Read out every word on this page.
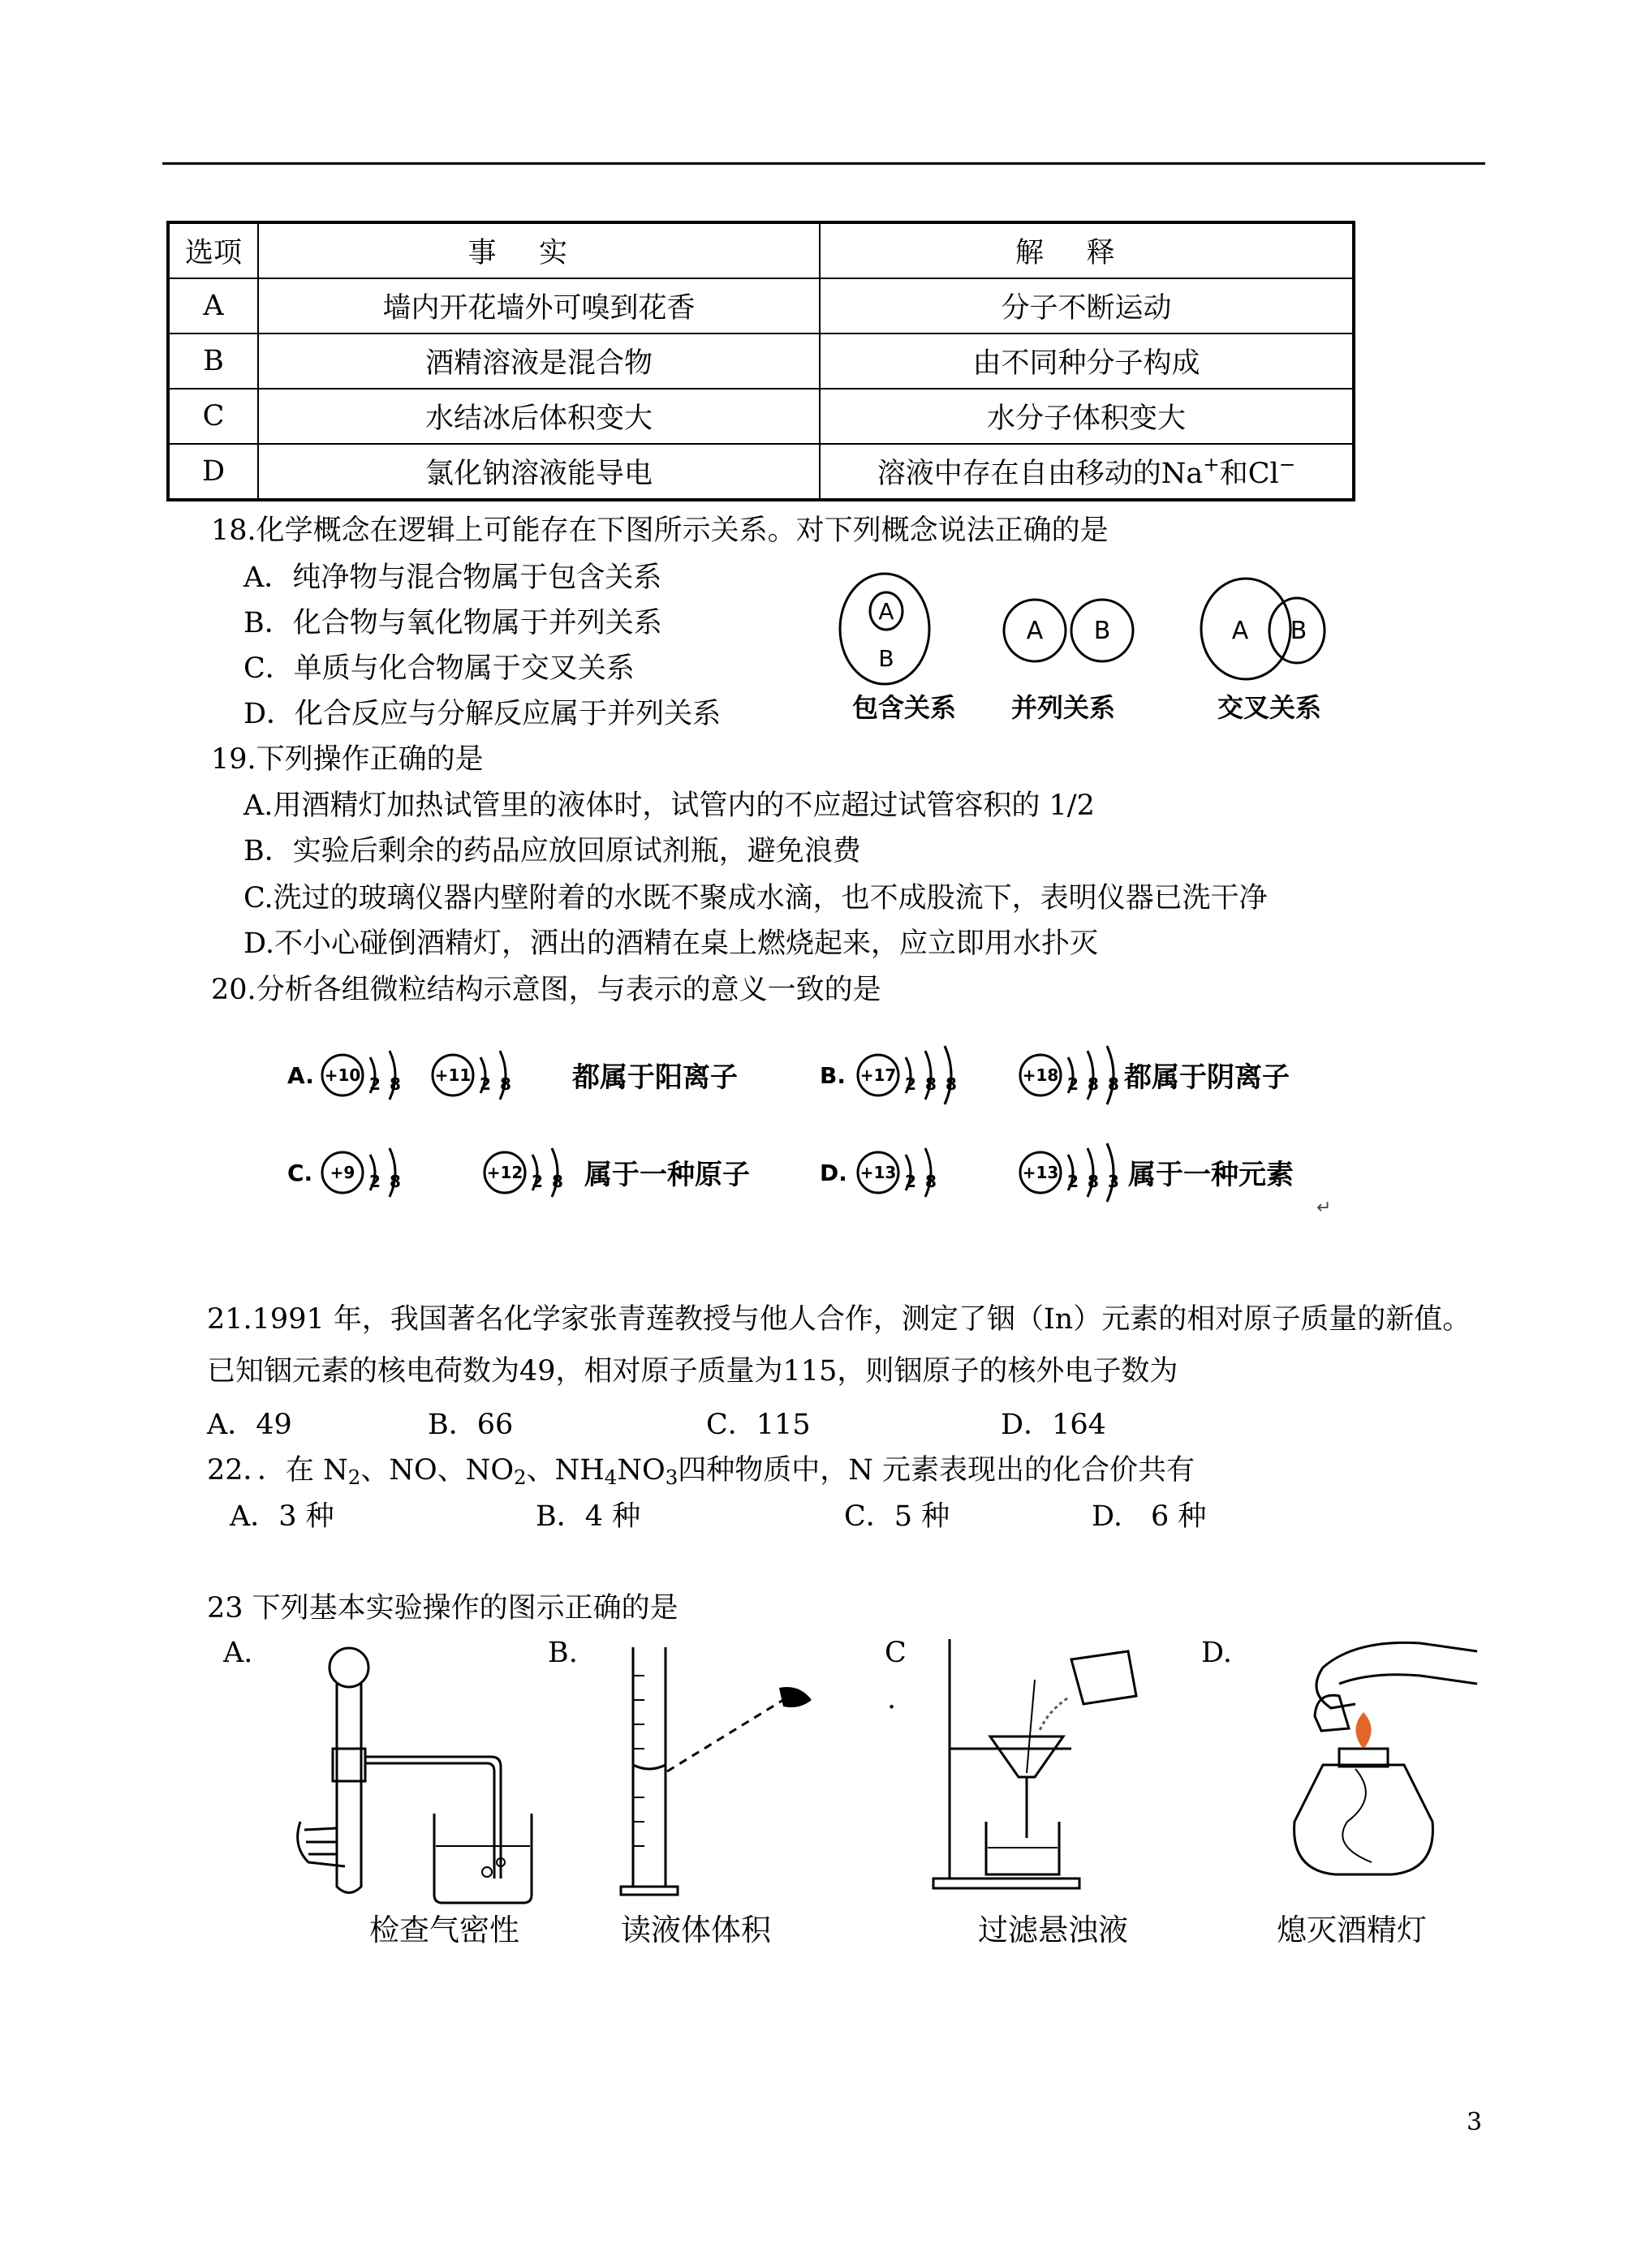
选项	事实	解释
A	墙内开花墙外可嗅到花香	分子不断运动
B	酒精溶液是混合物	由不同种分子构成
C	水结冰后体积变大	水分子体积变大
D	氯化钠溶液能导电	溶液中存在自由移动的Na+和Cl−
18.化学概念在逻辑上可能存在下图所示关系。对下列概念说法正确的是
A．纯净物与混合物属于包含关系
B．化合物与氧化物属于并列关系
C．单质与化合物属于交叉关系
D．化合反应与分解反应属于并列关系
A
B
包含关系
A B
并列关系
A B
交叉关系
19.下列操作正确的是
A.用酒精灯加热试管里的液体时，试管内的不应超过试管容积的 1/2
B．实验后剩余的药品应放回原试剂瓶，避免浪费
C.洗过的玻璃仪器内壁附着的水既不聚成水滴，也不成股流下，表明仪器已洗干净
D.不小心碰倒酒精灯，洒出的酒精在桌上燃烧起来，应立即用水扑灭
20.分析各组微粒结构示意图，与表示的意义一致的是
A.	B.
C.	D.
+10	+11	+17	+18
+9	+12	+13	+13
2 8	2 8	2 8 8	2 8 8
2 8	2 8	2 8	2 8 3
都属于阳离子	都属于阴离子
属于一种原子	属于一种元素
↵
21.1991 年，我国著名化学家张青莲教授与他人合作，测定了铟（In）元素的相对原子质量的新值。
已知铟元素的核电荷数为49，相对原子质量为115，则铟原子的核外电子数为
A．49	B．66	C．115	D．164
22．．在 $N_2$、NO、$NO_2$、$NH_4NO_3$四种物质中，N 元素表现出的化合价共有
A．3 种	B．4 种	C．5 种	D.　6 种
23 下列基本实验操作的图示正确的是
A.	B.	C
.
D.
检查气密性	读液体体积	过滤悬浊液	熄灭酒精灯
3
